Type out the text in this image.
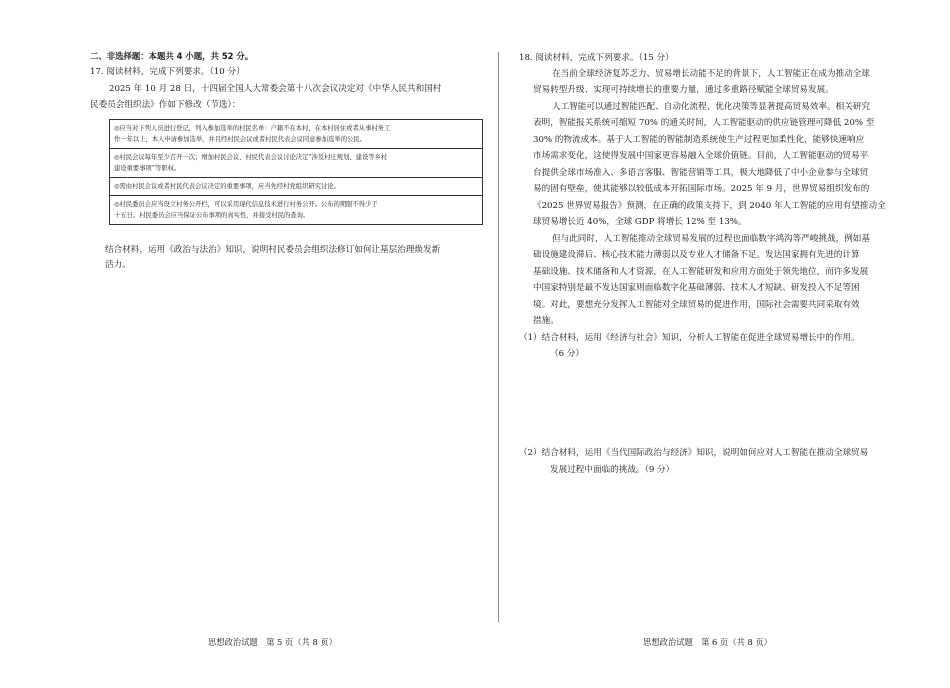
二、非选择题：本题共 4 小题，共 52 分。
17. 阅读材料，完成下列要求。（10 分）
2025 年 10 月 28 日，十四届全国人大常委会第十八次会议决定对《中华人民共和国村
民委员会组织法》作如下修改（节选）：
◎应当对下列人员进行登记，列入参加选举的村民名单：户籍不在本村，在本村居住或者从事村务工
作一年以上，本人申请参加选举，并且经村民会议或者村民代表会议同意参加选举的公民。
◎村民会议每年至少召开一次；增加村民会议、村民代表会议讨论决定“涉及村庄规划、建设等乡村
建设重要事项”等职权。
◎需由村民会议或者村民代表会议决定的重要事项，应当先经村党组织研究讨论。
◎村民委员会应当设立村务公开栏，可以采用现代信息技术进行村务公开。公布的期限不得少于
十五日。村民委员会应当保证公布事项的真实性，并接受村民的查询。
结合材料，运用《政治与法治》知识，说明村民委员会组织法修订如何让基层治理焕发新
活力。
思想政治试题　第 5 页（共 8 页）
18. 阅读材料，完成下列要求。（15 分）
在当前全球经济复苏乏力、贸易增长动能不足的背景下，人工智能正在成为推动全球
贸易转型升级、实现可持续增长的重要力量，通过多重路径赋能全球贸易发展。
人工智能可以通过智能匹配、自动化流程、优化决策等显著提高贸易效率。相关研究
表明，智能报关系统可缩短 70% 的通关时间，人工智能驱动的供应链管理可降低 20% 至
30% 的物流成本。基于人工智能的智能制造系统使生产过程更加柔性化，能够快速响应
市场需求变化，这使得发展中国家更容易融入全球价值链。目前，人工智能驱动的贸易平
台提供全球市场准入、多语言客服、智能营销等工具，极大地降低了中小企业参与全球贸
易的固有壁垒，使其能够以较低成本开拓国际市场。2025 年 9 月，世界贸易组织发布的
《2025 世界贸易报告》预测，在正确的政策支持下，到 2040 年人工智能的应用有望推动全
球贸易增长近 40%，全球 GDP 将增长 12% 至 13%。
但与此同时，人工智能推动全球贸易发展的过程也面临数字鸿沟等严峻挑战，例如基
础设施建设滞后、核心技术能力薄弱以及专业人才储备不足。发达国家拥有先进的计算
基础设施、技术储备和人才资源，在人工智能研发和应用方面处于领先地位，而许多发展
中国家特别是最不发达国家则面临数字化基础薄弱、技术人才短缺、研发投入不足等困
境。对此，要想充分发挥人工智能对全球贸易的促进作用，国际社会需要共同采取有效
措施。
（1）结合材料，运用《经济与社会》知识，分析人工智能在促进全球贸易增长中的作用。
（6 分）
（2）结合材料，运用《当代国际政治与经济》知识，说明如何应对人工智能在推动全球贸易
发展过程中面临的挑战。（9 分）
思想政治试题　第 6 页（共 8 页）
